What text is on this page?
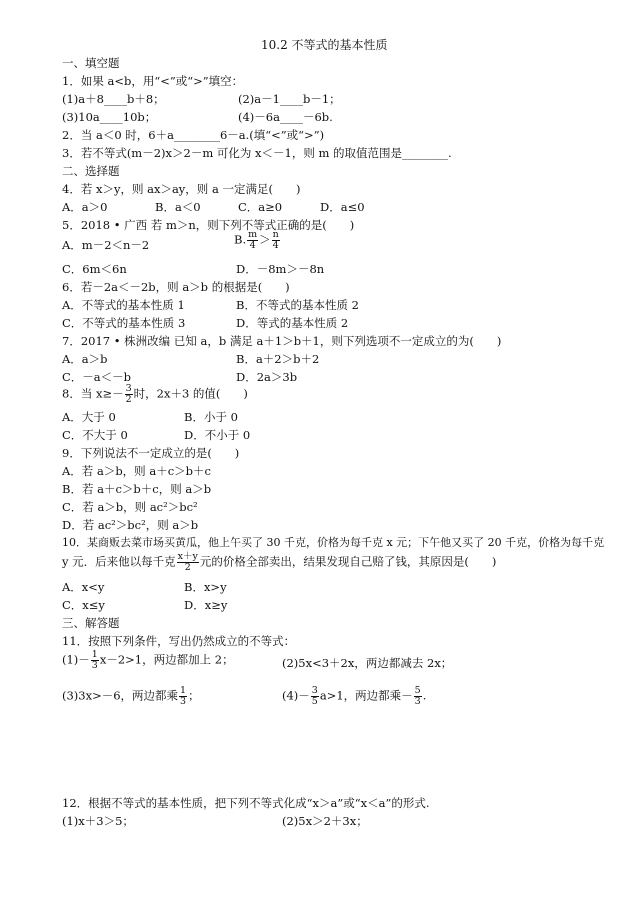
10.2 不等式的基本性质
一、填空题
1．如果 a<b，用“<”或“>”填空：
(1)a＋8____b＋8；	(2)a－1____b－1；
(3)10a____10b；	(4)－6a____－6b.
2．当 a＜0 时，6＋a________6－a.(填“<”或“>”)
3．若不等式(m－2)x＞2－m 可化为 x＜－1，则 m 的取值范围是________.
二、选择题
4．若 x＞y，则 ax＞ay，则 a 一定满足(　　)
A．a＞0	B．a＜0	C．a≥0	D．a≤0
5．2018 • 广西 若 m＞n，则下列不等式正确的是(　　)
A．m－2＜n－2	B. $\frac{m}{4} > \frac{n}{4}$
C．6m＜6n	D．－8m＞－8n
6．若－2a＜－2b，则 a＞b 的根据是(　　)
A．不等式的基本性质 1	B．不等式的基本性质 2
C．不等式的基本性质 3	D．等式的基本性质 2
7．2017 • 株洲改编 已知 a，b 满足 a＋1＞b＋1，则下列选项不一定成立的为(　　)
A．a＞b	B．a＋2＞b＋2
C．－a＜－b	D．2a＞3b
8．当 $x\ge- \frac{3}{2}$ 时，2x＋3 的值(　　)
A．大于 0	B．小于 0
C．不大于 0	D．不小于 0
9．下列说法不一定成立的是(　　)
A．若 a＞b，则 a＋c＞b＋c
B．若 a＋c＞b＋c，则 a＞b
C．若 a＞b，则 ac²＞bc²
D．若 ac²＞bc²，则 a＞b
10．某商贩去菜市场买黄瓜，他上午买了 30 千克，价格为每千克 x 元；下午他又买了 20 千克，价格为每千克
y 元．后来他以每千克 $\frac{x+y}{2}$ 元的价格全部卖出，结果发现自己赔了钱，其原因是(　　)
A．x<y	B．x>y
C．x≤y	D．x≥y
三、解答题
11．按照下列条件，写出仍然成立的不等式：
$(1)- \frac{1}{3} x-2>1$，两边都加上 2；	(2)5x<3＋2x，两边都减去 2x；
(3)3x>－6，两边都乘 $\frac{1}{3}$ ；	$(4)- \frac{3}{5} a>1$，两边都乘－ $\frac{5}{3}$ .
12．根据不等式的基本性质，把下列不等式化成“x＞a”或“x＜a”的形式.
(1)x＋3＞5；	(2)5x＞2＋3x；
